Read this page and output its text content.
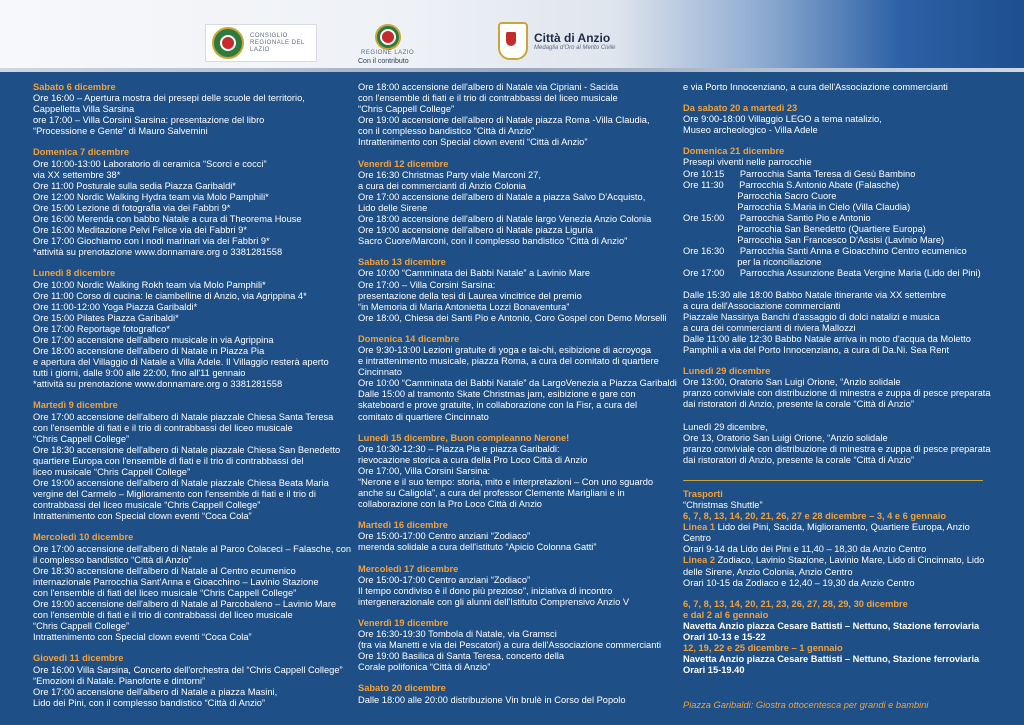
CONSIGLIO REGIONALE DEL LAZIO
REGIONE LAZIO
Con il contributo
Città di Anzio
Medaglia d'Oro al Merito Civile
Sabato 6 dicembre
Ore 16:00 – Apertura mostra dei presepi delle scuole del territorio,
Cappelletta Villa Sarsina
ore 17:00 – Villa Corsini Sarsina: presentazione del libro
“Processione e Gente” di Mauro Salvemini
Domenica 7 dicembre
Ore 10:00-13:00 Laboratorio di ceramica “Scorci e cocci”
via XX settembre 38*
Ore 11:00 Posturale sulla sedia Piazza Garibaldi*
Ore 12:00 Nordic Walking Hydra team via Molo Pamphili*
Ore 15:00 Lezione di fotografia via dei Fabbri 9*
Ore 16:00 Merenda con babbo Natale a cura di Theorema House
Ore 16:00 Meditazione Pelvi Felice via dei Fabbri 9*
Ore 17:00 Giochiamo con i nodi marinari via dei Fabbri 9*
*attività su prenotazione www.donnamare.org o 3381281558
Lunedì 8 dicembre
Ore 10:00 Nordic Walking Rokh team via Molo Pamphili*
Ore 11:00 Corso di cucina: le ciambelline di Anzio, via Agrippina 4*
Ore 11:00-12:00 Yoga Piazza Garibaldi*
Ore 15:00 Pilates Piazza Garibaldi*
Ore 17:00 Reportage fotografico*
Ore 17:00 accensione dell'albero musicale in via Agrippina
Ore 18:00 accensione dell'albero di Natale in Piazza Pia
e apertura del Villaggio di Natale a Villa Adele. Il Villaggio resterà aperto
tutti i giorni, dalle 9:00 alle 22:00, fino all'11 gennaio
*attività su prenotazione www.donnamare.org o 3381281558
Martedì 9 dicembre
Ore 17:00 accensione dell'albero di Natale piazzale Chiesa Santa Teresa
con l'ensemble di fiati e il trio di contrabbassi del liceo musicale
“Chris Cappell College”
Ore 18:30 accensione dell'albero di Natale piazzale Chiesa San Benedetto
quartiere Europa con l'ensemble di fiati e il trio di contrabbassi del
liceo musicale “Chris Cappell College”
Ore 19:00 accensione dell'albero di Natale piazzale Chiesa Beata Maria
vergine del Carmelo – Miglioramento con l'ensemble di fiati e il trio di
contrabbassi del liceo musicale “Chris Cappell College”
Intrattenimento con Special clown eventi “Coca Cola”
Mercoledì 10 dicembre
Ore 17:00 accensione dell'albero di Natale al Parco Colaceci – Falasche, con
il complesso bandistico “Città di Anzio”
Ore 18:30 accensione dell'albero di Natale al Centro ecumenico
internazionale Parrocchia Sant'Anna e Gioacchino – Lavinio Stazione
con l'ensemble di fiati del liceo musicale “Chris Cappell College”
Ore 19:00 accensione dell'albero di Natale al Parcobaleno – Lavinio Mare
con l'ensemble di fiati e il trio di contrabbassi del liceo musicale
“Chris Cappell College”
Intrattenimento con Special clown eventi “Coca Cola”
Giovedì 11 dicembre
Ore 16:00 Villa Sarsina, Concerto dell'orchestra del “Chris Cappell College”
“Emozioni di Natale. Pianoforte e dintorni”
Ore 17:00 accensione dell'albero di Natale a piazza Masini,
Lido dei Pini, con il complesso bandistico “Città di Anzio”
Ore 18:00 accensione dell'albero di Natale via Cipriani - Sacida
con l'ensemble di fiati e il trio di contrabbassi del liceo musicale
“Chris Cappell College”
Ore 19:00 accensione dell'albero di Natale piazza Roma -Villa Claudia,
con il complesso bandistico “Città di Anzio”
Intrattenimento con Special clown eventi “Città di Anzio”
Venerdì 12 dicembre
Ore 16:30 Christmas Party viale Marconi 27,
a cura dei commercianti di Anzio Colonia
Ore 17:00 accensione dell'albero di Natale a piazza Salvo D'Acquisto,
Lido delle Sirene
Ore 18:00 accensione dell'albero di Natale largo Venezia Anzio Colonia
Ore 19:00 accensione dell'albero di Natale piazza Liguria
Sacro Cuore/Marconi, con il complesso bandistico “Città di Anzio”
Sabato 13 dicembre
Ore 10:00 “Camminata dei Babbi Natale” a Lavinio Mare
Ore 17:00 – Villa Corsini Sarsina:
presentazione della tesi di Laurea vincitrice del premio
“in Memoria di Maria Antonietta Lozzi Bonaventura”
Ore 18:00, Chiesa dei Santi Pio e Antonio, Coro Gospel con Demo Morselli
Domenica 14 dicembre
Ore 9:30-13:00 Lezioni gratuite di yoga e tai-chi, esibizione di acroyoga
e intrattenimento musicale, piazza Roma, a cura del comitato di quartiere
Cincinnato
Ore 10:00 “Camminata dei Babbi Natale” da LargoVenezia a Piazza Garibaldi
Dalle 15:00 al tramonto Skate Christmas jam, esibizione e gare con
skateboard e prove gratuite, in collaborazione con la Fisr, a cura del
comitato di quartiere Cincinnato
Lunedì 15 dicembre, Buon compleanno Nerone!
Ore 10:30-12:30 – Piazza Pia e piazza Garibaldi:
rievocazione storica a cura della Pro Loco Città di Anzio
Ore 17:00, Villa Corsini Sarsina:
“Nerone e il suo tempo: storia, mito e interpretazioni – Con uno sguardo
anche su Caligola”, a cura del professor Clemente Marigliani e in
collaborazione con la Pro Loco Città di Anzio
Martedì 16 dicembre
Ore 15:00-17:00 Centro anziani “Zodiaco”
merenda solidale a cura dell'istituto “Apicio Colonna Gatti”
Mercoledì 17 dicembre
Ore 15:00-17:00 Centro anziani “Zodiaco”
Il tempo condiviso è il dono più prezioso”, iniziativa di incontro
intergenerazionale con gli alunni dell'Istituto Comprensivo Anzio V
Venerdì 19 dicembre
Ore 16:30-19:30 Tombola di Natale, via Gramsci
(tra via Manetti e via dei Pescatori) a cura dell'Associazione commercianti
Ore 19:00 Basilica di Santa Teresa, concerto della
Corale polifonica “Città di Anzio”
Sabato 20 dicembre
Dalle 18:00 alle 20:00 distribuzione Vin brulè in Corso del Popolo
e via Porto Innocenziano, a cura dell'Associazione commercianti
Da sabato 20 a martedì 23
Ore 9:00-18:00 Villaggio LEGO a tema natalizio,
Museo archeologico - Villa Adele
Domenica 21 dicembre
Presepi viventi nelle parrocchie
Ore 10:15      Parrocchia Santa Teresa di Gesù Bambino
Ore 11:30      Parrocchia S.Antonio Abate (Falasche)
Parrocchia Sacro Cuore
Parrocchia S.Maria in Cielo (Villa Claudia)
Ore 15:00      Parrocchia Santio Pio e Antonio
Parrocchia San Benedetto (Quartiere Europa)
Parrocchia San Francesco D'Assisi (Lavinio Mare)
Ore 16:30      Parrocchia Santi Anna e Gioacchino Centro ecumenico
per la riconciliazione
Ore 17:00      Parrocchia Assunzione Beata Vergine Maria (Lido dei Pini)
Dalle 15:30 alle 18:00 Babbo Natale itinerante via XX settembre
a cura dell'Associazione commercianti
Piazzale Nassiriya Banchi d'assaggio di dolci natalizi e musica
a cura dei commercianti di riviera Mallozzi
Dalle 11:00 alle 12:30 Babbo Natale arriva in moto d'acqua da Moletto
Pamphili a via del Porto Innocenziano, a cura di Da.Ni. Sea Rent
Lunedì 29 dicembre
Ore 13:00, Oratorio San Luigi Orione, “Anzio solidale
pranzo conviviale con distribuzione di minestra e zuppa di pesce preparata
dai ristoratori di Anzio, presente la corale “Città di Anzio”

Lunedì 29 dicembre,
Ore 13, Oratorio San Luigi Orione, “Anzio solidale
pranzo conviviale con distribuzione di minestra e zuppa di pesce preparata
dai ristoratori di Anzio, presente la corale “Città di Anzio”
Trasporti
“Christmas Shuttle”
6, 7, 8, 13, 14, 20, 21, 26, 27 e 28 dicembre – 3, 4 e 6 gennaio
Linea 1 Lido dei Pini, Sacida, Miglioramento, Quartiere Europa, Anzio
Centro
Orari 9-14 da Lido dei Pini e 11,40 – 18,30 da Anzio Centro
Linea 2 Zodiaco, Lavinio Stazione, Lavinio Mare, Lido di Cincinnato, Lido
delle Sirene, Anzio Colonia, Anzio Centro
Orari 10-15 da Zodiaco e 12,40 – 19,30 da Anzio Centro
6, 7, 8, 13, 14, 20, 21, 23, 26, 27, 28, 29, 30 dicembre
e dal 2 al 6 gennaio
Navetta Anzio piazza Cesare Battisti – Nettuno, Stazione ferroviaria
Orari 10-13 e 15-22
12, 19, 22 e 25 dicembre – 1 gennaio
Navetta Anzio piazza Cesare Battisti – Nettuno, Stazione ferroviaria
Orari 15-19.40
Piazza Garibaldi: Giostra ottocentesca per grandi e bambini
